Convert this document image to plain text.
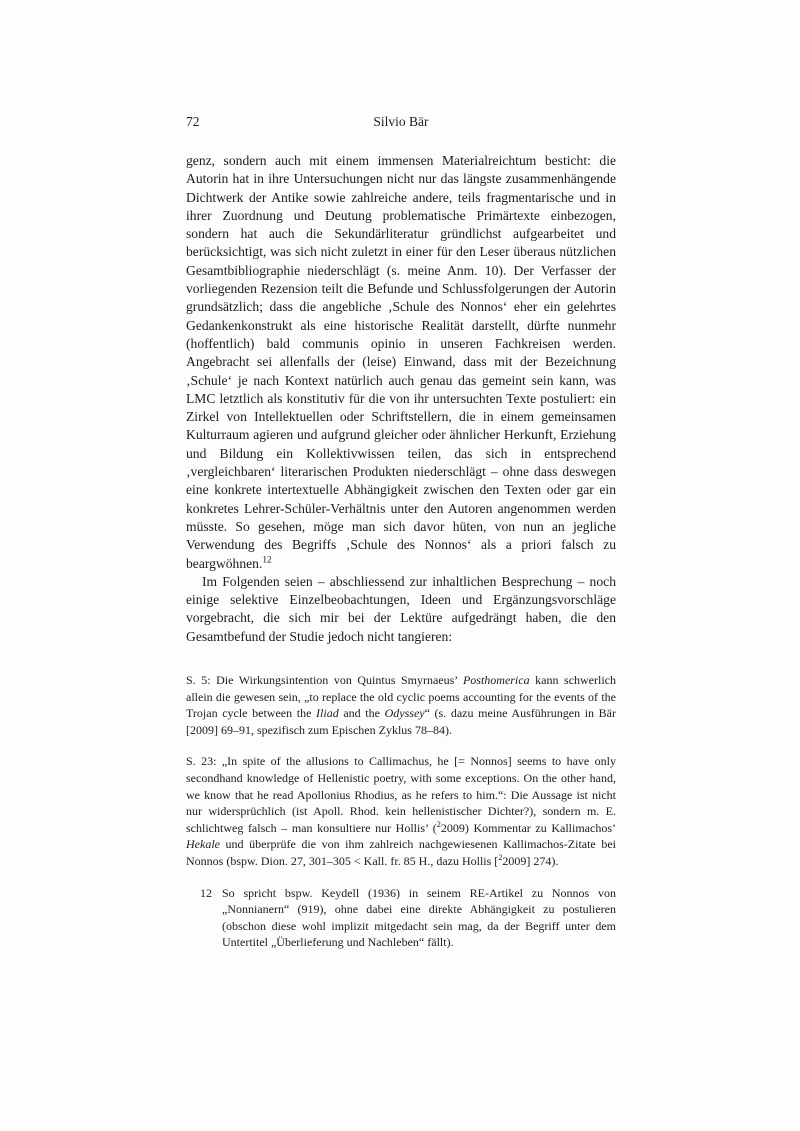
72	Silvio Bär

genz, sondern auch mit einem immensen Materialreichtum besticht: die Autorin hat in ihre Untersuchungen nicht nur das längste zusammenhängende Dichtwerk der Antike sowie zahlreiche andere, teils fragmentarische und in ihrer Zuordnung und Deutung problematische Primärtexte einbezogen, sondern hat auch die Sekundärliteratur gründlichst aufgearbeitet und berücksichtigt, was sich nicht zuletzt in einer für den Leser überaus nützlichen Gesamtbibliographie niederschlägt (s. meine Anm. 10). Der Verfasser der vorliegenden Rezension teilt die Befunde und Schlussfolgerungen der Autorin grundsätzlich; dass die angebliche ‚Schule des Nonnos‘ eher ein gelehrtes Gedankenkonstrukt als eine historische Realität darstellt, dürfte nunmehr (hoffentlich) bald communis opinio in unseren Fachkreisen werden. Angebracht sei allenfalls der (leise) Einwand, dass mit der Bezeichnung ‚Schule‘ je nach Kontext natürlich auch genau das gemeint sein kann, was LMC letztlich als konstitutiv für die von ihr untersuchten Texte postuliert: ein Zirkel von Intellektuellen oder Schriftstellern, die in einem gemeinsamen Kulturraum agieren und aufgrund gleicher oder ähnlicher Herkunft, Erziehung und Bildung ein Kollektivwissen teilen, das sich in entsprechend ‚vergleichbaren‘ literarischen Produkten niederschlägt – ohne dass deswegen eine konkrete intertextuelle Abhängigkeit zwischen den Texten oder gar ein konkretes Lehrer-Schüler-Verhältnis unter den Autoren angenommen werden müsste. So gesehen, möge man sich davor hüten, von nun an jegliche Verwendung des Begriffs ‚Schule des Nonnos‘ als a priori falsch zu beargwöhnen.$^{12}$

Im Folgenden seien – abschliessend zur inhaltlichen Besprechung – noch einige selektive Einzelbeobachtungen, Ideen und Ergänzungsvorschläge vorgebracht, die sich mir bei der Lektüre aufgedrängt haben, die den Gesamtbefund der Studie jedoch nicht tangieren:

S. 5: Die Wirkungsintention von Quintus Smyrnaeus’ Posthomerica kann schwerlich allein die gewesen sein, „to replace the old cyclic poems accounting for the events of the Trojan cycle between the Iliad and the Odyssey“ (s. dazu meine Ausführungen in Bär [2009] 69–91, spezifisch zum Epischen Zyklus 78–84).

S. 23: „In spite of the allusions to Callimachus, he [= Nonnos] seems to have only secondhand knowledge of Hellenistic poetry, with some exceptions. On the other hand, we know that he read Apollonius Rhodius, as he refers to him.“: Die Aussage ist nicht nur widersprüchlich (ist Apoll. Rhod. kein hellenistischer Dichter?), sondern m. E. schlichtweg falsch – man konsultiere nur Hollis’ ($^2$2009) Kommentar zu Kallimachos’ Hekale und überprüfe die von ihm zahlreich nachgewiesenen Kallimachos-Zitate bei Nonnos (bspw. Dion. 27, 301–305 < Kall. fr. 85 H., dazu Hollis [$^2$2009] 274).

12 So spricht bspw. Keydell (1936) in seinem RE-Artikel zu Nonnos von „Nonnianern“ (919), ohne dabei eine direkte Abhängigkeit zu postulieren (obschon diese wohl implizit mitgedacht sein mag, da der Begriff unter dem Untertitel „Überlieferung und Nachleben“ fällt).
